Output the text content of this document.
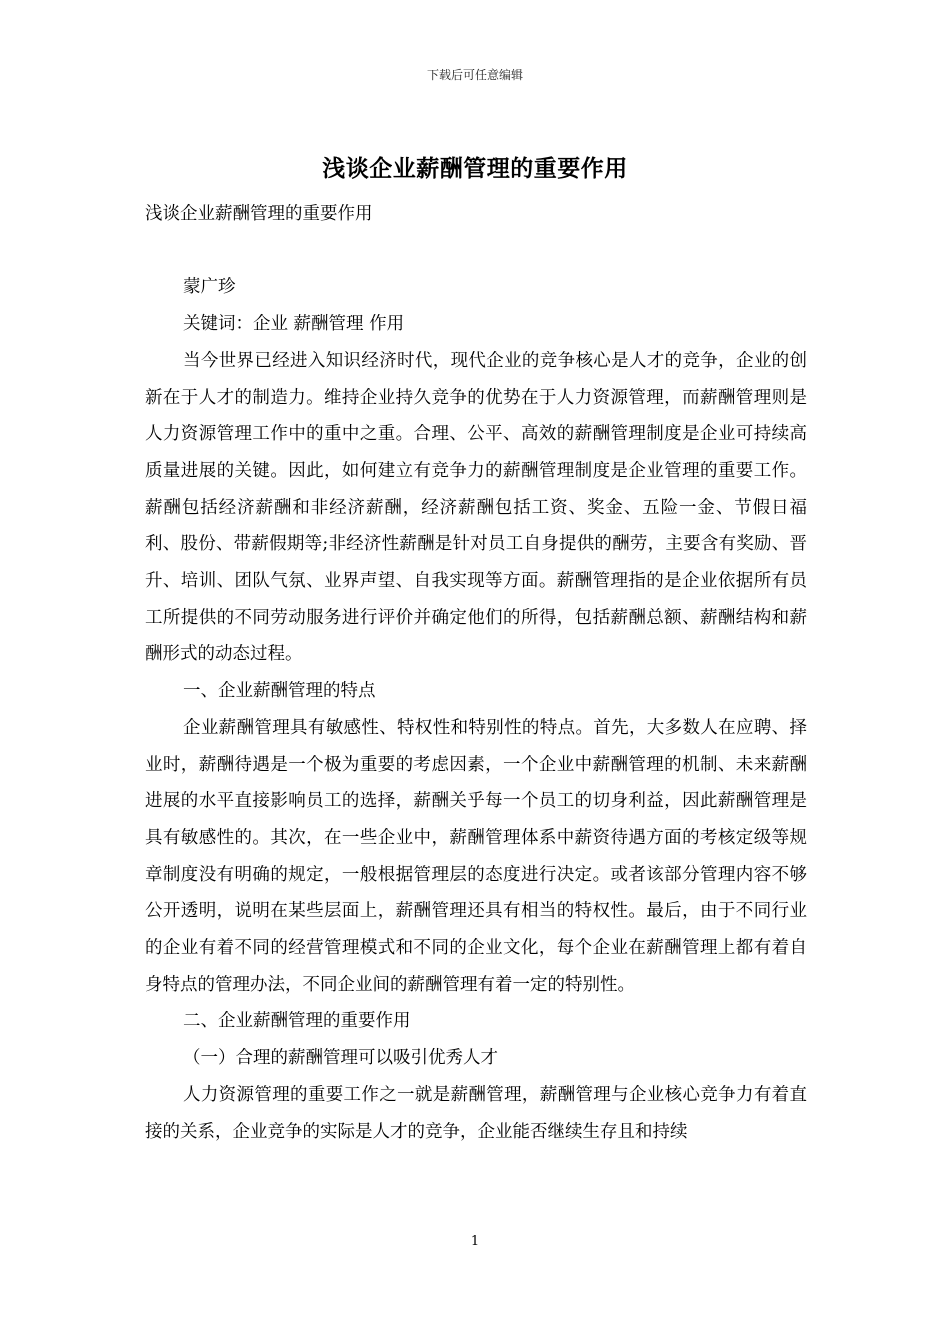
下载后可任意编辑
浅谈企业薪酬管理的重要作用

浅谈企业薪酬管理的重要作用

蒙广珍

关键词：企业 薪酬管理 作用

当今世界已经进入知识经济时代，现代企业的竞争核心是人才的竞争，企业的创新在于人才的制造力。维持企业持久竞争的优势在于人力资源管理，而薪酬管理则是人力资源管理工作中的重中之重。合理、公平、高效的薪酬管理制度是企业可持续高质量进展的关键。因此，如何建立有竞争力的薪酬管理制度是企业管理的重要工作。薪酬包括经济薪酬和非经济薪酬，经济薪酬包括工资、奖金、五险一金、节假日福利、股份、带薪假期等;非经济性薪酬是针对员工自身提供的酬劳，主要含有奖励、晋升、培训、团队气氛、业界声望、自我实现等方面。薪酬管理指的是企业依据所有员工所提供的不同劳动服务进行评价并确定他们的所得，包括薪酬总额、薪酬结构和薪酬形式的动态过程。

一、企业薪酬管理的特点

企业薪酬管理具有敏感性、特权性和特别性的特点。首先，大多数人在应聘、择业时，薪酬待遇是一个极为重要的考虑因素，一个企业中薪酬管理的机制、未来薪酬进展的水平直接影响员工的选择，薪酬关乎每一个员工的切身利益，因此薪酬管理是具有敏感性的。其次，在一些企业中，薪酬管理体系中薪资待遇方面的考核定级等规章制度没有明确的规定，一般根据管理层的态度进行决定。或者该部分管理内容不够公开透明，说明在某些层面上，薪酬管理还具有相当的特权性。最后，由于不同行业的企业有着不同的经营管理模式和不同的企业文化，每个企业在薪酬管理上都有着自身特点的管理办法，不同企业间的薪酬管理有着一定的特别性。

二、企业薪酬管理的重要作用

（一）合理的薪酬管理可以吸引优秀人才

人力资源管理的重要工作之一就是薪酬管理，薪酬管理与企业核心竞争力有着直接的关系，企业竞争的实际是人才的竞争，企业能否继续生存且和持续

1
